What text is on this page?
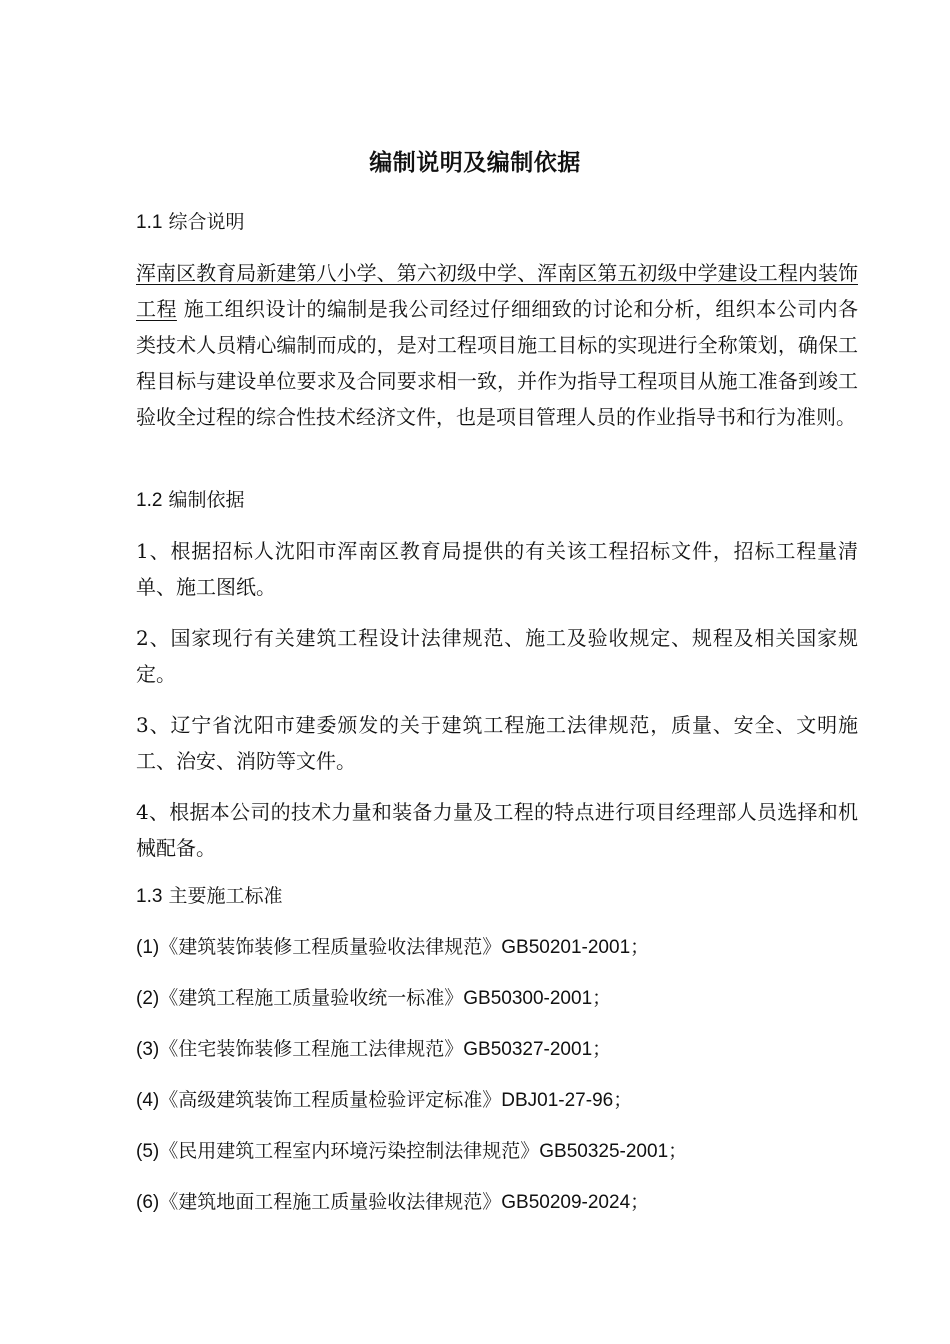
编制说明及编制依据
1.1 综合说明
浑南区教育局新建第八小学、第六初级中学、浑南区第五初级中学建设工程内装饰工程 施工组织设计的编制是我公司经过仔细细致的讨论和分析，组织本公司内各类技术人员精心编制而成的，是对工程项目施工目标的实现进行全称策划，确保工程目标与建设单位要求及合同要求相一致，并作为指导工程项目从施工准备到竣工验收全过程的综合性技术经济文件，也是项目管理人员的作业指导书和行为准则。
1.2 编制依据
1、根据招标人沈阳市浑南区教育局提供的有关该工程招标文件，招标工程量清单、施工图纸。
2、国家现行有关建筑工程设计法律规范、施工及验收规定、规程及相关国家规定。
3、辽宁省沈阳市建委颁发的关于建筑工程施工法律规范，质量、安全、文明施工、治安、消防等文件。
4、根据本公司的技术力量和装备力量及工程的特点进行项目经理部人员选择和机械配备。
1.3 主要施工标准
(1)《建筑装饰装修工程质量验收法律规范》GB50201-2001；
(2)《建筑工程施工质量验收统一标准》GB50300-2001；
(3)《住宅装饰装修工程施工法律规范》GB50327-2001；
(4)《高级建筑装饰工程质量检验评定标准》DBJ01-27-96；
(5)《民用建筑工程室内环境污染控制法律规范》GB50325-2001；
(6)《建筑地面工程施工质量验收法律规范》GB50209-2024；
